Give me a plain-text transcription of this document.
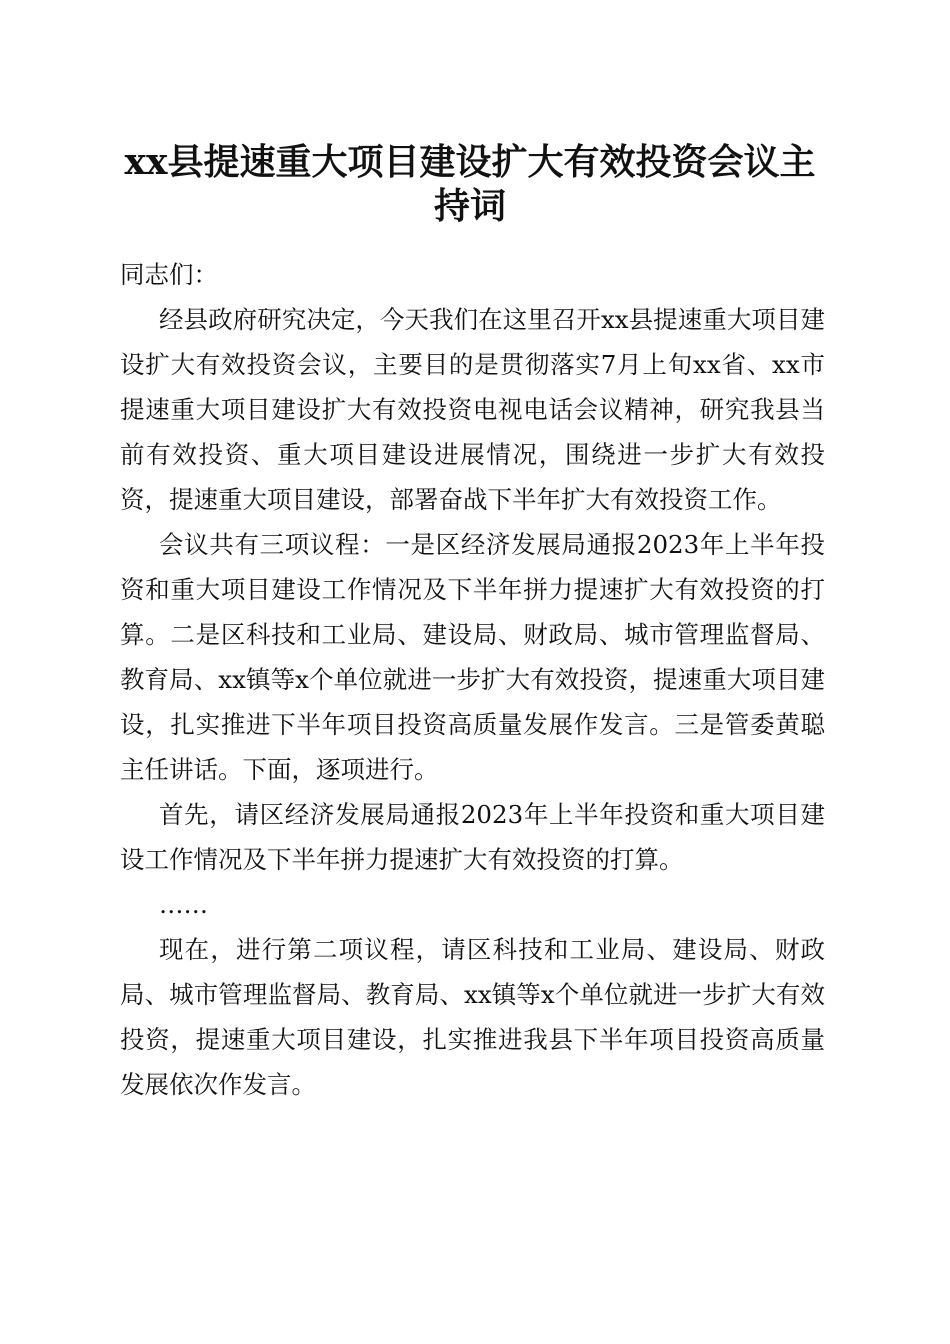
xx县提速重大项目建设扩大有效投资会议主持词

同志们：

经县政府研究决定，今天我们在这里召开xx县提速重大项目建设扩大有效投资会议，主要目的是贯彻落实7月上旬xx省、xx市提速重大项目建设扩大有效投资电视电话会议精神，研究我县当前有效投资、重大项目建设进展情况，围绕进一步扩大有效投资，提速重大项目建设，部署奋战下半年扩大有效投资工作。

会议共有三项议程：一是区经济发展局通报2023年上半年投资和重大项目建设工作情况及下半年拼力提速扩大有效投资的打算。二是区科技和工业局、建设局、财政局、城市管理监督局、教育局、xx镇等x个单位就进一步扩大有效投资，提速重大项目建设，扎实推进下半年项目投资高质量发展作发言。三是管委黄聪主任讲话。下面，逐项进行。

首先，请区经济发展局通报2023年上半年投资和重大项目建设工作情况及下半年拼力提速扩大有效投资的打算。

……

现在，进行第二项议程，请区科技和工业局、建设局、财政局、城市管理监督局、教育局、xx镇等x个单位就进一步扩大有效投资，提速重大项目建设，扎实推进我县下半年项目投资高质量发展依次作发言。
